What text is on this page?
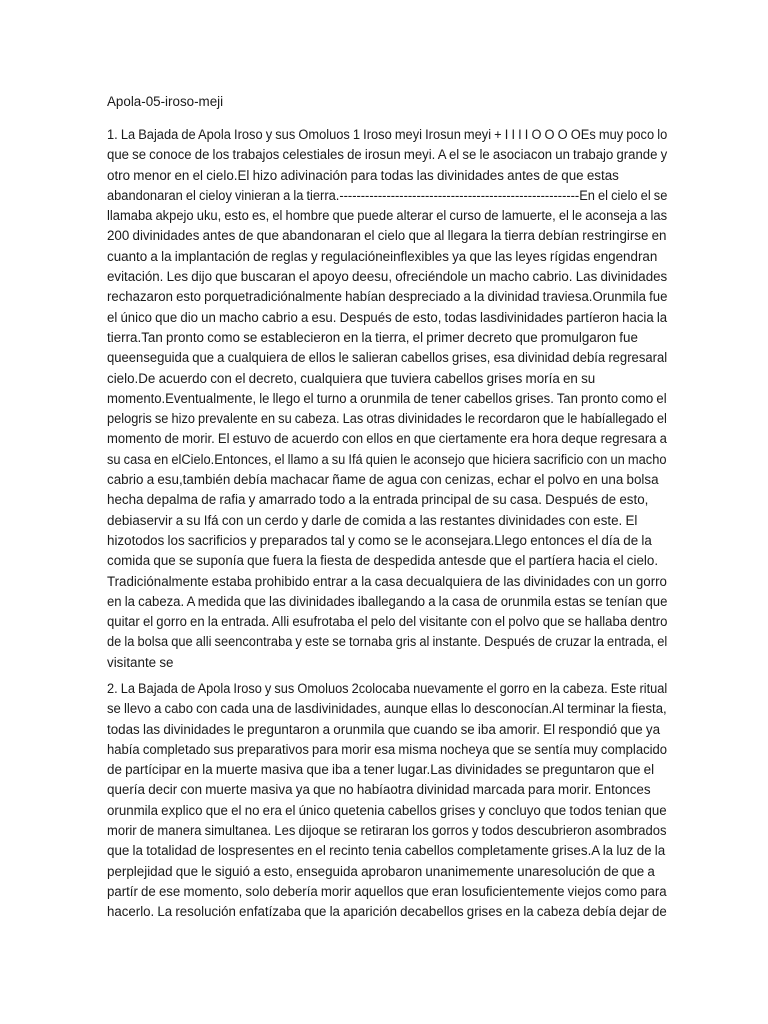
Apola-05-iroso-meji
1. La Bajada de Apola Iroso y sus Omoluos 1 Iroso meyi Irosun meyi + I I I I O O O OEs muy poco lo
que se conoce de los trabajos celestiales de irosun meyi. A el se le asociacon un trabajo grande y
otro menor en el cielo.El hizo adivinación para todas las divinidades antes de que estas
abandonaran el cieloy vinieran a la tierra.--------------------------------------------------------En el cielo el se
llamaba akpejo uku, esto es, el hombre que puede alterar el curso de lamuerte, el le aconseja a las
200 divinidades antes de que abandonaran el cielo que al llegara la tierra debían restringirse en
cuanto a la implantación de reglas y regulacióneinflexibles ya que las leyes rígidas engendran
evitación. Les dijo que buscaran el apoyo deesu, ofreciéndole un macho cabrio. Las divinidades
rechazaron esto porquetradiciónalmente habían despreciado a la divinidad traviesa.Orunmila fue
el único que dio un macho cabrio a esu. Después de esto, todas lasdivinidades partíeron hacia la
tierra.Tan pronto como se establecieron en la tierra, el primer decreto que promulgaron fue
queenseguida que a cualquiera de ellos le salieran cabellos grises, esa divinidad debía regresaral
cielo.De acuerdo con el decreto, cualquiera que tuviera cabellos grises moría en su
momento.Eventualmente, le llego el turno a orunmila de tener cabellos grises. Tan pronto como el
pelogris se hizo prevalente en su cabeza. Las otras divinidades le recordaron que le habíallegado el
momento de morir. El estuvo de acuerdo con ellos en que ciertamente era hora deque regresara a
su casa en elCielo.Entonces, el llamo a su Ifá quien le aconsejo que hiciera sacrificio con un macho
cabrio a esu,también debía machacar ñame de agua con cenizas, echar el polvo en una bolsa
hecha depalma de rafia y amarrado todo a la entrada principal de su casa. Después de esto,
debiaservir a su Ifá con un cerdo y darle de comida a las restantes divinidades con este. El
hizotodos los sacrificios y preparados tal y como se le aconsejara.Llego entonces el día de la
comida que se suponía que fuera la fiesta de despedida antesde que el partíera hacia el cielo.
Tradiciónalmente estaba prohibido entrar a la casa decualquiera de las divinidades con un gorro
en la cabeza. A medida que las divinidades iballegando a la casa de orunmila estas se tenían que
quitar el gorro en la entrada. Alli esufrotaba el pelo del visitante con el polvo que se hallaba dentro
de la bolsa que alli seencontraba y este se tornaba gris al instante. Después de cruzar la entrada, el
visitante se
2. La Bajada de Apola Iroso y sus Omoluos 2colocaba nuevamente el gorro en la cabeza. Este ritual
se llevo a cabo con cada una de lasdivinidades, aunque ellas lo desconocían.Al terminar la fiesta,
todas las divinidades le preguntaron a orunmila que cuando se iba amorir. El respondió que ya
había completado sus preparativos para morir esa misma nocheya que se sentía muy complacido
de partícipar en la muerte masiva que iba a tener lugar.Las divinidades se preguntaron que el
quería decir con muerte masiva ya que no habíaotra divinidad marcada para morir. Entonces
orunmila explico que el no era el único quetenia cabellos grises y concluyo que todos tenian que
morir de manera simultanea. Les dijoque se retiraran los gorros y todos descubrieron asombrados
que la totalidad de lospresentes en el recinto tenia cabellos completamente grises.A la luz de la
perplejidad que le siguió a esto, enseguida aprobaron unanimemente unaresolución de que a
partír de ese momento, solo debería morir aquellos que eran losuficientemente viejos como para
hacerlo. La resolución enfatízaba que la aparición decabellos grises en la cabeza debía dejar de
